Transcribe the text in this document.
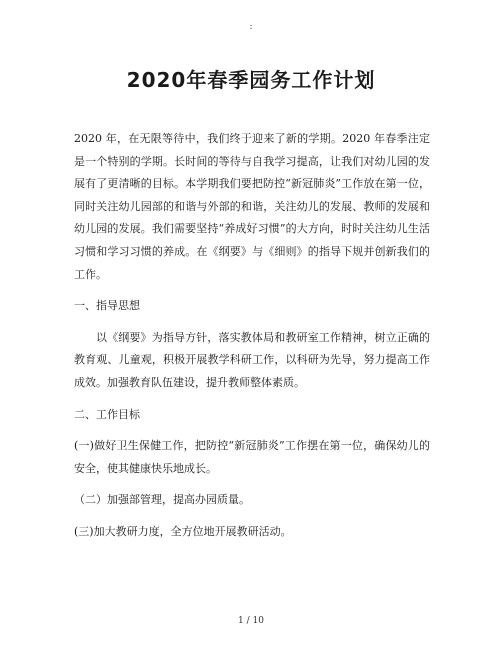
:
2020年春季园务工作计划

2020 年，在无限等待中，我们终于迎来了新的学期。2020 年春季注定是一个特别的学期。长时间的等待与自我学习提高，让我们对幼儿园的发展有了更清晰的目标。本学期我们要把防控“新冠肺炎”工作放在第一位，同时关注幼儿园部的和谐与外部的和谐，关注幼儿的发展、教师的发展和幼儿园的发展。我们需要坚持“养成好习惯”的大方向，时时关注幼儿生活习惯和学习习惯的养成。在《纲要》与《细则》的指导下规并创新我们的工作。

一、指导思想

以《纲要》为指导方针，落实教体局和教研室工作精神，树立正确的教育观、儿童观，积极开展教学科研工作，以科研为先导，努力提高工作成效。加强教育队伍建设，提升教师整体素质。

二、工作目标

(一)做好卫生保健工作，把防控“新冠肺炎”工作摆在第一位，确保幼儿的安全，使其健康快乐地成长。

（二）加强部管理，提高办园质量。

(三)加大教研力度，全方位地开展教研活动。

1 / 10
